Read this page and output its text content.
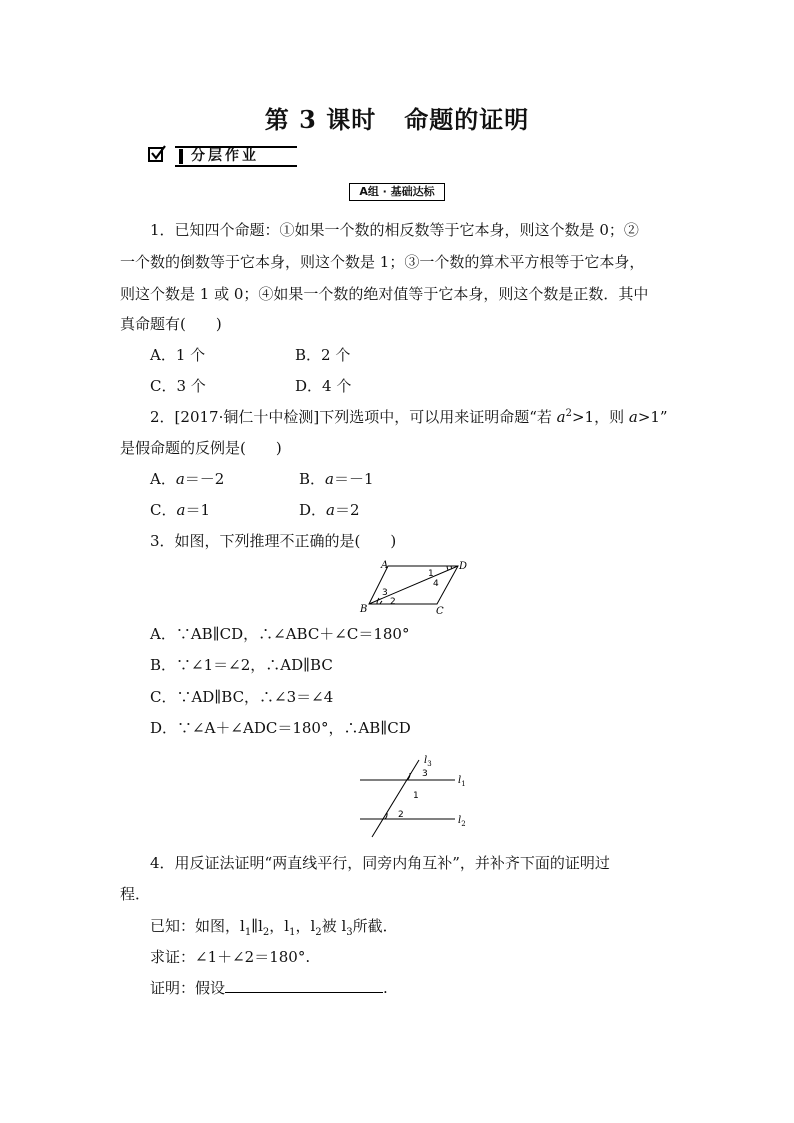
第 3 课时 命题的证明
分层作业
A组 · 基础达标
1．已知四个命题：①如果一个数的相反数等于它本身，则这个数是 0；②
一个数的倒数等于它本身，则这个数是 1；③一个数的算术平方根等于它本身，
则这个数是 1 或 0；④如果一个数的绝对值等于它本身，则这个数是正数．其中
真命题有(　　)
A．1 个	B．2 个
C．3 个	D．4 个
2．[2017·铜仁十中检测]下列选项中，可以用来证明命题“若 $a^2>1$，则 a>1”
是假命题的反例是(　　)
A．a＝－2	B．a＝－1
C．a＝1	D．a＝2
3．如图，下列推理不正确的是(　　)
A	D
B	C
1
2
3
4
A．∵AB∥CD，∴∠ABC＋∠C＝180°
B．∵∠1＝∠2，∴AD∥BC
C．∵AD∥BC，∴∠3＝∠4
D．∵∠A＋∠ADC＝180°，∴AB∥CD
$l_3$
$l_1$
$l_2$
3
1
2
4．用反证法证明“两直线平行，同旁内角互补”，并补齐下面的证明过
程．
已知：如图，$l_1\parallel l_2$，$l_1$，$l_2$被 $l_3$所截．
求证：∠1＋∠2＝180°.
证明：假设	.
